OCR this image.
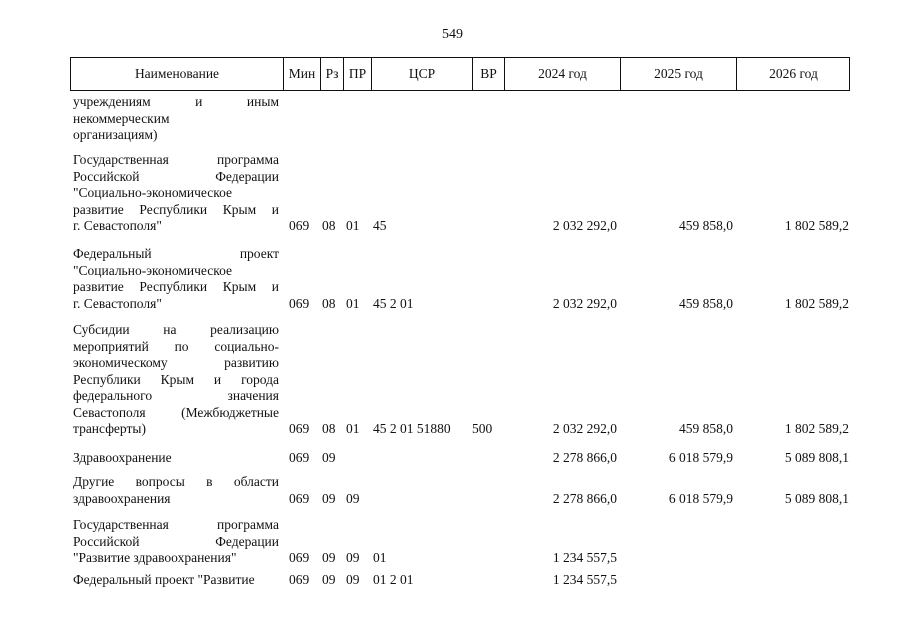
549
Наименование	Мин Рз ПР	ЦСР	ВР	2024 год	2025 год	2026 год
учреждениям и иным
некоммерческим
организациям)
Государственная программа
Российской Федерации
"Социально-экономическое
развитие Республики Крым и
г. Севастополя"	069 08 01 45	2 032 292,0	459 858,0	1 802 589,2
Федеральный проект
"Социально-экономическое
развитие Республики Крым и
г. Севастополя"	069 08 01 45 2 01	2 032 292,0	459 858,0	1 802 589,2
Субсидии на реализацию
мероприятий по социально-
экономическому развитию
Республики Крым и города
федерального значения
Севастополя (Межбюджетные
трансферты)	069 08 01 45 2 01 51880 500	2 032 292,0	459 858,0	1 802 589,2
Здравоохранение	069 09	2 278 866,0	6 018 579,9	5 089 808,1
Другие вопросы в области
здравоохранения	069 09 09	2 278 866,0	6 018 579,9	5 089 808,1
Государственная программа
Российской Федерации
"Развитие здравоохранения"	069 09 09 01	1 234 557,5
Федеральный проект "Развитие	069 09 09 01 2 01	1 234 557,5
